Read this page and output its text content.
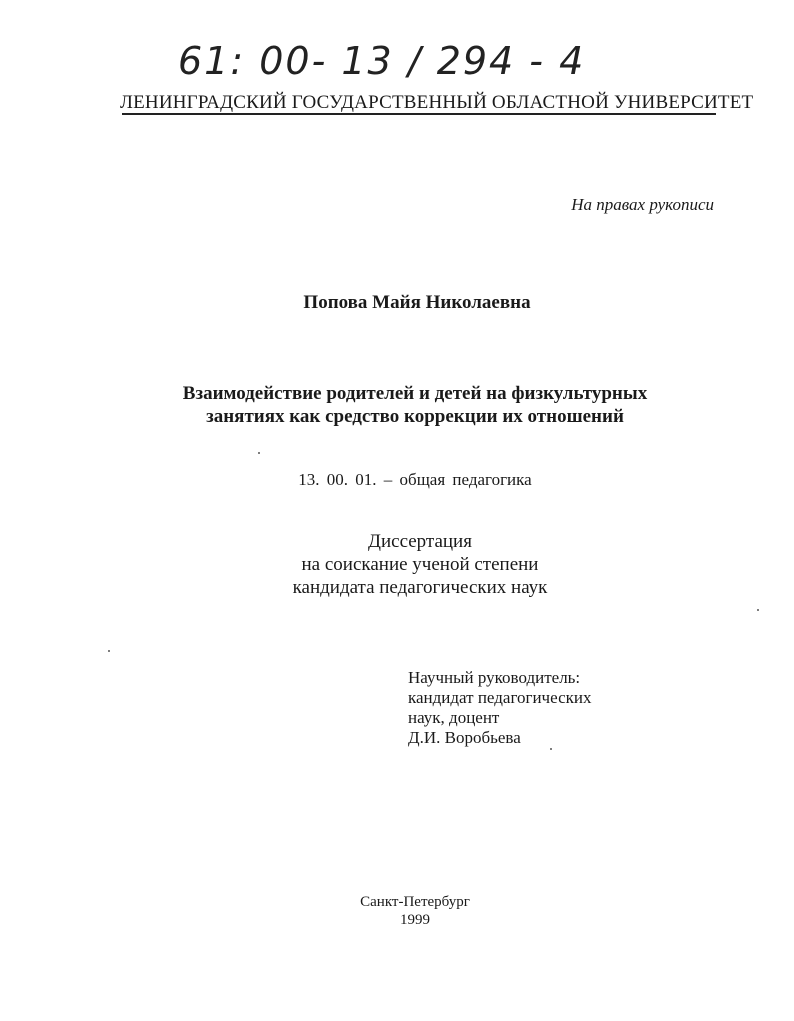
61: 00- 13 / 294 - 4
ЛЕНИНГРАДСКИЙ ГОСУДАРСТВЕННЫЙ ОБЛАСТНОЙ УНИВЕРСИТЕТ
На правах рукописи
Попова Майя Николаевна
Взаимодействие родителей и детей на физкультурных
занятиях как средство коррекции их отношений
13. 00. 01. – общая педагогика
Диссертация
на соискание ученой степени
кандидата педагогических наук
Научный руководитель:
кандидат педагогических
наук, доцент
Д.И. Воробьева
Санкт-Петербург
1999
